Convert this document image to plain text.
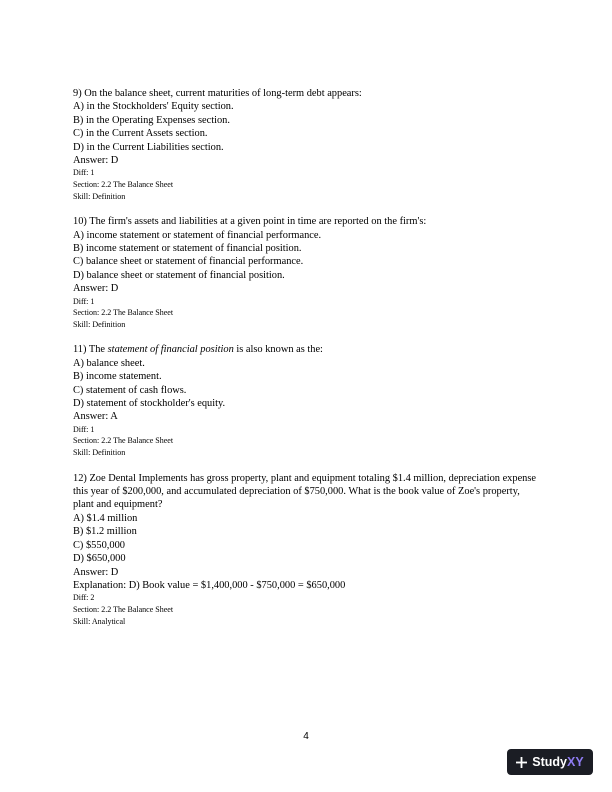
9) On the balance sheet, current maturities of long-term debt appears:
A) in the Stockholders' Equity section.
B) in the Operating Expenses section.
C) in the Current Assets section.
D) in the Current Liabilities section.
Answer: D
Diff: 1
Section: 2.2 The Balance Sheet
Skill: Definition
10) The firm's assets and liabilities at a given point in time are reported on the firm's:
A) income statement or statement of financial performance.
B) income statement or statement of financial position.
C) balance sheet or statement of financial performance.
D) balance sheet or statement of financial position.
Answer: D
Diff: 1
Section: 2.2 The Balance Sheet
Skill: Definition
11) The statement of financial position is also known as the:
A) balance sheet.
B) income statement.
C) statement of cash flows.
D) statement of stockholder's equity.
Answer: A
Diff: 1
Section: 2.2 The Balance Sheet
Skill: Definition
12) Zoe Dental Implements has gross property, plant and equipment totaling $1.4 million, depreciation expense this year of $200,000, and accumulated depreciation of $750,000. What is the book value of Zoe's property, plant and equipment?
A) $1.4 million
B) $1.2 million
C) $550,000
D) $650,000
Answer: D
Explanation: D) Book value = $1,400,000 - $750,000 = $650,000
Diff: 2
Section: 2.2 The Balance Sheet
Skill: Analytical
4
StudyXY
